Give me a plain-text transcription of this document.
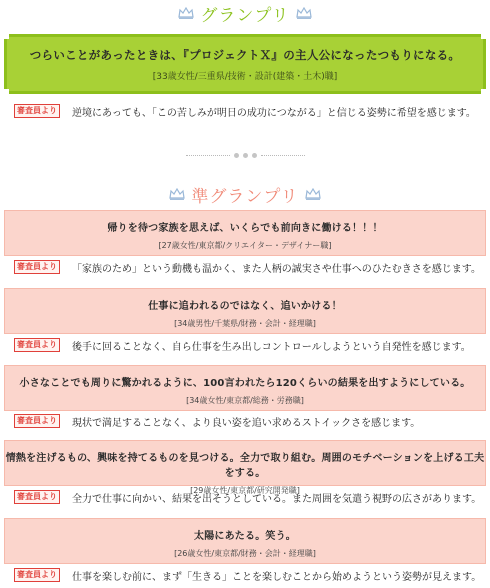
グランプリ
つらいことがあったときは、『プロジェクトＸ』の主人公になったつもりになる。
[33歳女性/三重県/技術・設計(建築・土木)職]
審査員より	逆境にあっても、「この苦しみが明日の成功につながる」と信じる姿勢に希望を感じます。
準グランプリ
帰りを待つ家族を思えば、いくらでも前向きに働ける！！！
[27歳女性/東京都/クリエイター・デザイナー職]
審査員より	「家族のため」という動機も温かく、また人柄の誠実さや仕事へのひたむきさを感じます。
仕事に追われるのではなく、追いかける！
[34歳男性/千葉県/財務・会計・経理職]
審査員より	後手に回ることなく、自ら仕事を生み出しコントロールしようという自発性を感じます。
小さなことでも周りに驚かれるように、100言われたら120くらいの結果を出すようにしている。
[34歳女性/東京都/総務・労務職]
審査員より	現状で満足することなく、より良い姿を追い求めるストイックさを感じます。
情熱を注げるもの、興味を持てるものを見つける。全力で取り組む。周囲のモチベーションを上げる工夫をする。
[29歳女性/東京都/研究開発職]
審査員より	全力で仕事に向かい、結果を出そうとしている。また周囲を気遣う視野の広さがあります。
太陽にあたる。笑う。
[26歳女性/東京都/財務・会計・経理職]
審査員より	仕事を楽しむ前に、まず「生きる」ことを楽しむことから始めようという姿勢が見えます。
